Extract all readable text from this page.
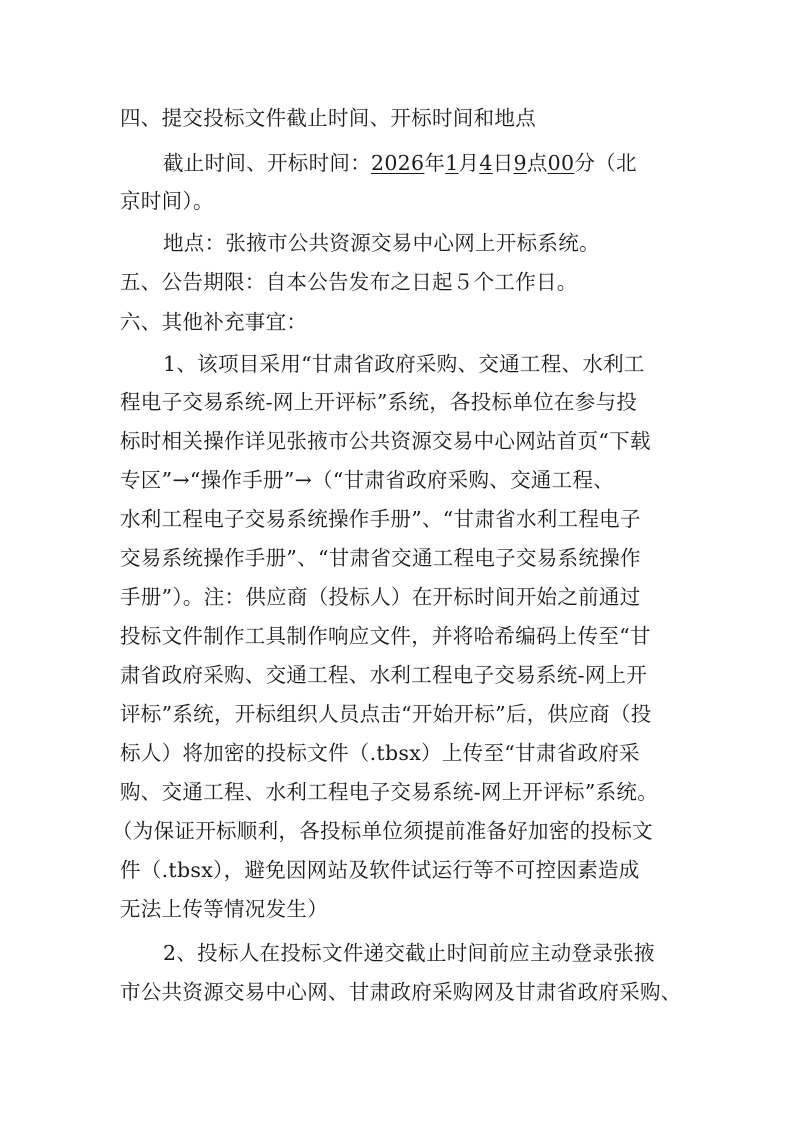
四、提交投标文件截止时间、开标时间和地点
截止时间、开标时间：2026年1月4日9点00分（北
京时间）。
地点：张掖市公共资源交易中心网上开标系统。
五、公告期限：自本公告发布之日起５个工作日。
六、其他补充事宜：
1、该项目采用“甘肃省政府采购、交通工程、水利工
程电子交易系统-网上开评标”系统，各投标单位在参与投
标时相关操作详见张掖市公共资源交易中心网站首页“下载
专区”→“操作手册”→（“甘肃省政府采购、交通工程、
水利工程电子交易系统操作手册”、“甘肃省水利工程电子
交易系统操作手册”、“甘肃省交通工程电子交易系统操作
手册”）。注：供应商（投标人）在开标时间开始之前通过
投标文件制作工具制作响应文件，并将哈希编码上传至“甘
肃省政府采购、交通工程、水利工程电子交易系统-网上开
评标”系统，开标组织人员点击“开始开标”后，供应商（投
标人）将加密的投标文件（.tbsx）上传至“甘肃省政府采
购、交通工程、水利工程电子交易系统-网上开评标”系统。
（为保证开标顺利，各投标单位须提前准备好加密的投标文
件（.tbsx），避免因网站及软件试运行等不可控因素造成
无法上传等情况发生）
2、投标人在投标文件递交截止时间前应主动登录张掖
市公共资源交易中心网、甘肃政府采购网及甘肃省政府采购、
